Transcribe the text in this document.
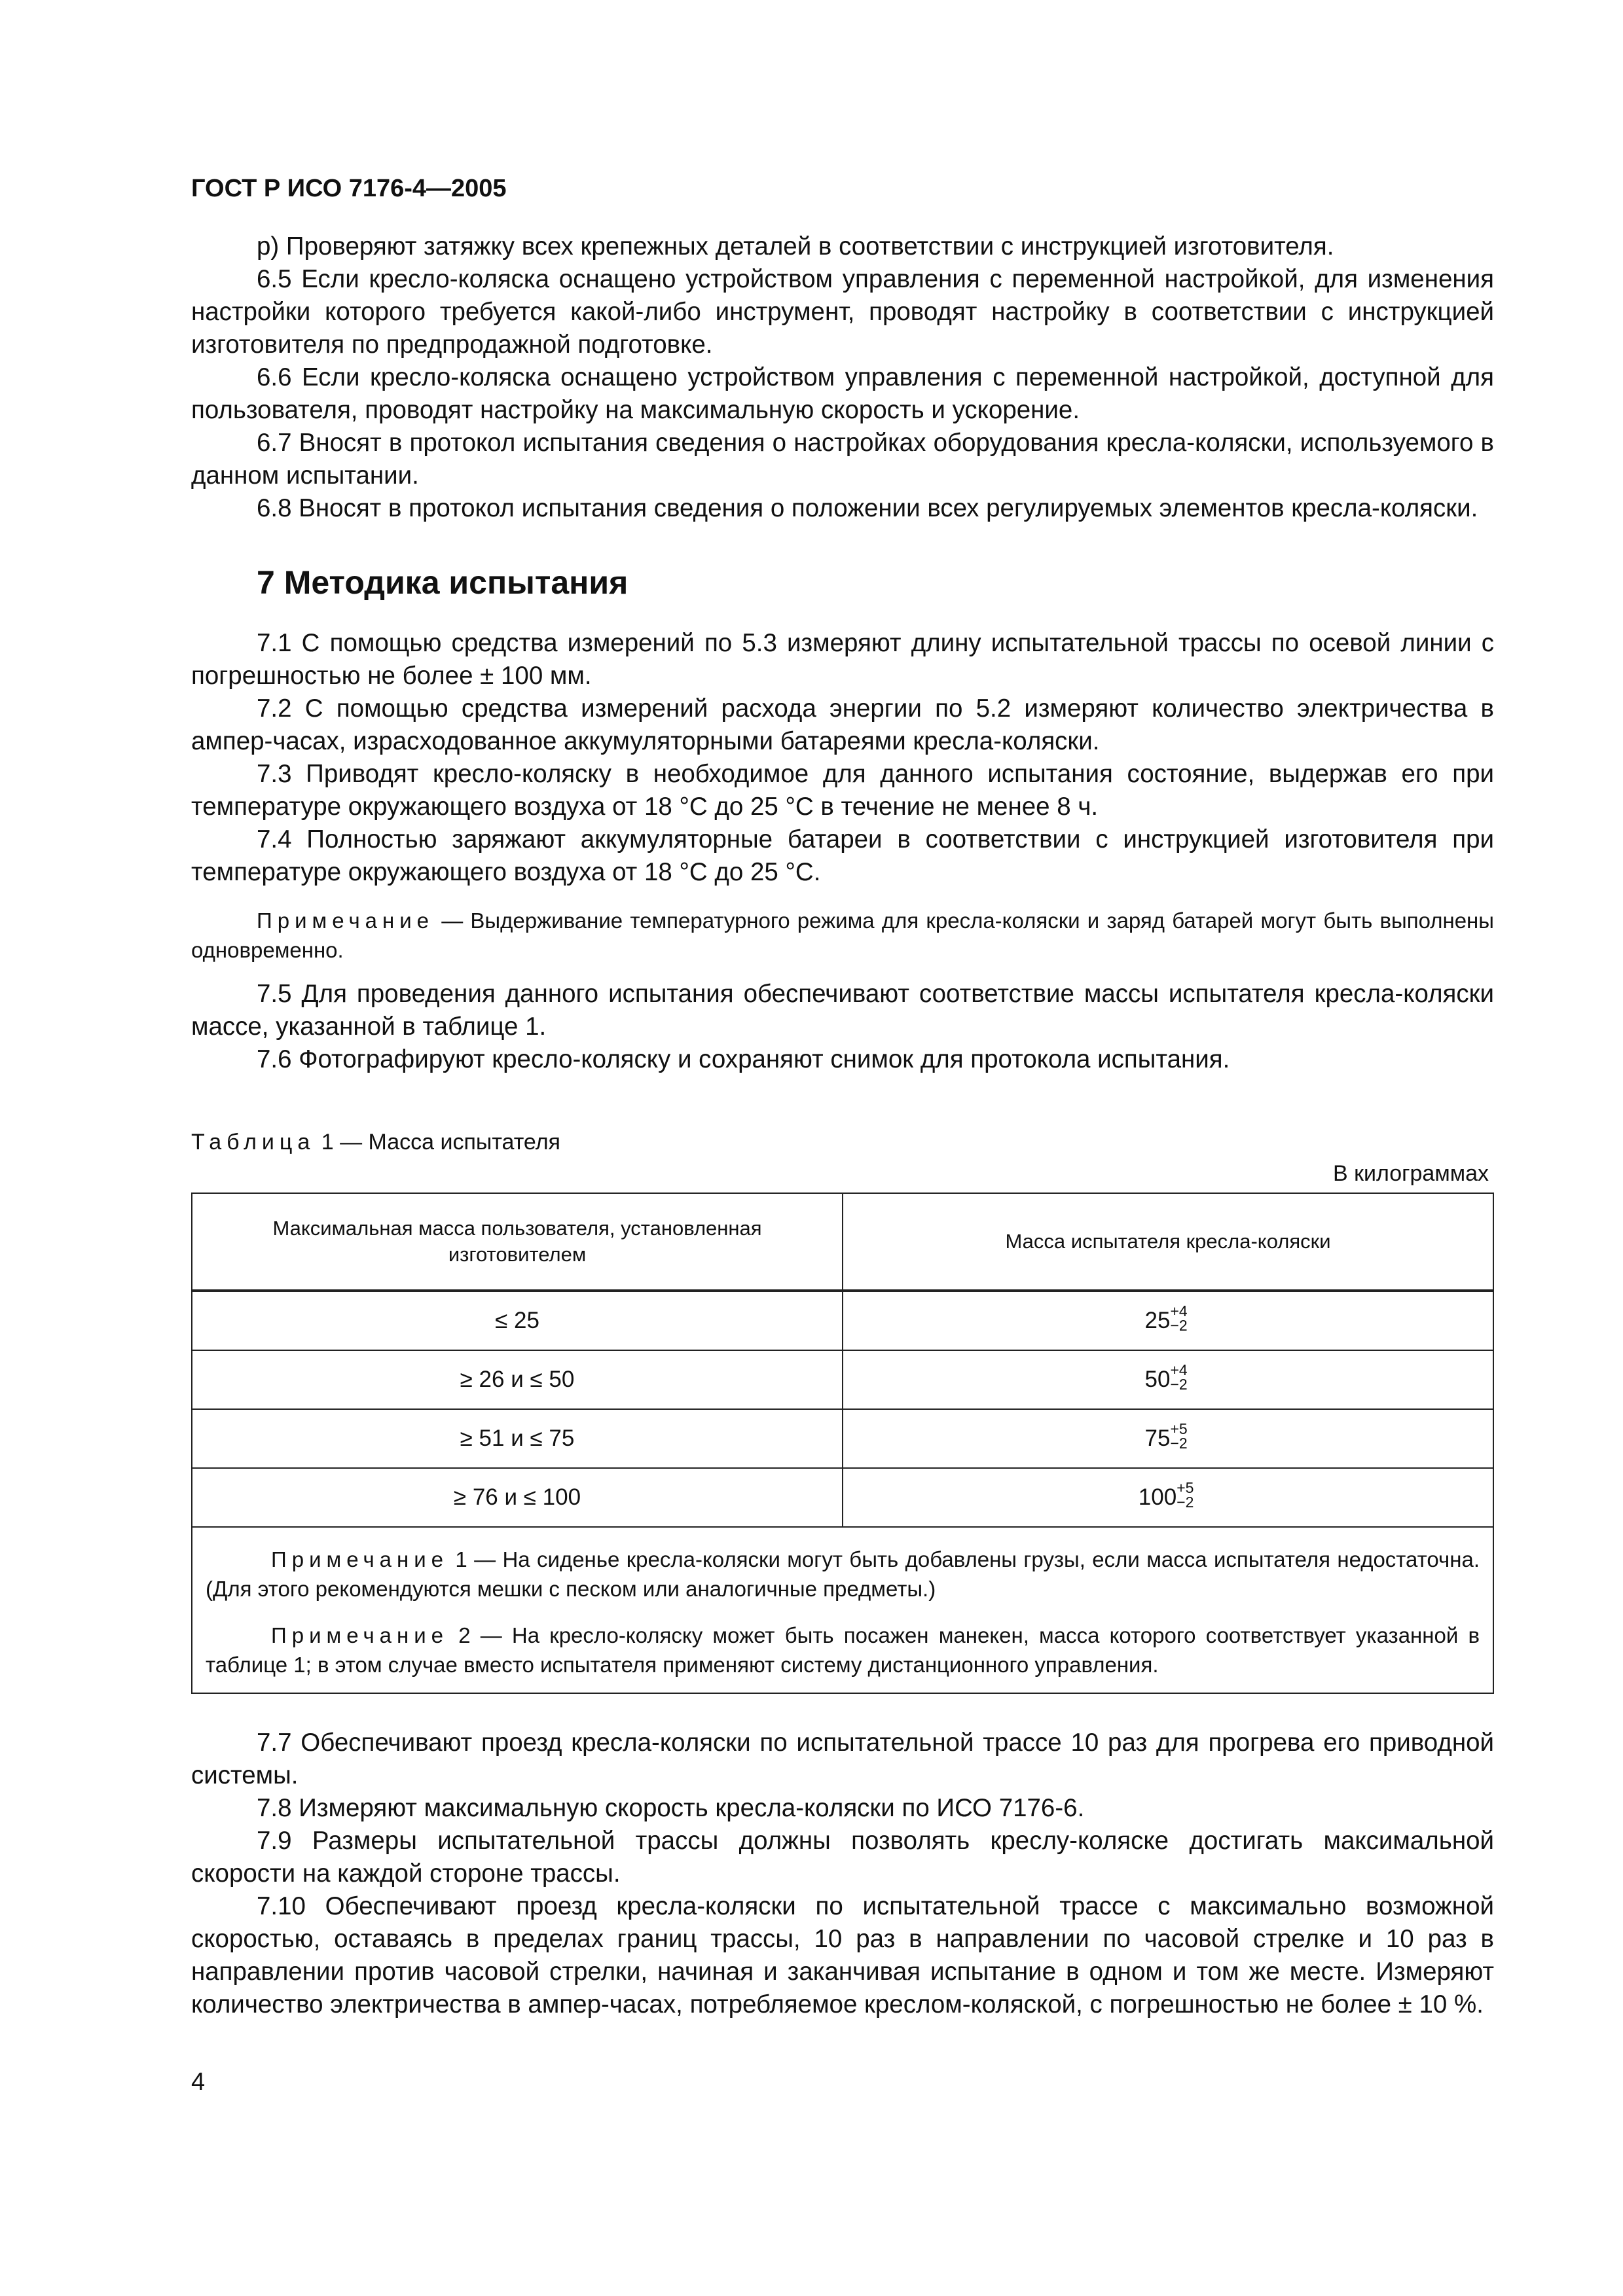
ГОСТ Р ИСО 7176-4—2005

р) Проверяют затяжку всех крепежных деталей в соответствии с инструкцией изготовителя.

6.5 Если кресло-коляска оснащено устройством управления с переменной настройкой, для изменения настройки которого требуется какой-либо инструмент, проводят настройку в соответствии с инструкцией изготовителя по предпродажной подготовке.

6.6 Если кресло-коляска оснащено устройством управления с переменной настройкой, доступной для пользователя, проводят настройку на максимальную скорость и ускорение.

6.7 Вносят в протокол испытания сведения о настройках оборудования кресла-коляски, используемого в данном испытании.

6.8 Вносят в протокол испытания сведения о положении всех регулируемых элементов кресла-коляски.

7 Методика испытания

7.1 С помощью средства измерений по 5.3 измеряют длину испытательной трассы по осевой линии с погрешностью не более ± 100 мм.

7.2 С помощью средства измерений расхода энергии по 5.2 измеряют количество электричества в ампер-часах, израсходованное аккумуляторными батареями кресла-коляски.

7.3 Приводят кресло-коляску в необходимое для данного испытания состояние, выдержав его при температуре окружающего воздуха от 18 °С до 25 °С в течение не менее 8 ч.

7.4 Полностью заряжают аккумуляторные батареи в соответствии с инструкцией изготовителя при температуре окружающего воздуха от 18 °С до 25 °С.

Примечание — Выдерживание температурного режима для кресла-коляски и заряд батарей могут быть выполнены одновременно.

7.5 Для проведения данного испытания обеспечивают соответствие массы испытателя кресла-коляски массе, указанной в таблице 1.

7.6 Фотографируют кресло-коляску и сохраняют снимок для протокола испытания.

Таблица 1 — Масса испытателя
В килограммах
Максимальная масса пользователя, установленная изготовителем	Масса испытателя кресла-коляски
≤ 25	25 +4
−2

≥ 26 и ≤ 50	50 +4
−2

≥ 51 и ≤ 75	75 +5
−2

≥ 76 и ≤ 100	100 +5
−2

Примечание 1 — На сиденье кресла-коляски могут быть добавлены грузы, если масса испытателя недостаточна. (Для этого рекомендуются мешки с песком или аналогичные предметы.)

Примечание 2 — На кресло-коляску может быть посажен манекен, масса которого соответствует указанной в таблице 1; в этом случае вместо испытателя применяют систему дистанционного управления.	

7.7 Обеспечивают проезд кресла-коляски по испытательной трассе 10 раз для прогрева его приводной системы.

7.8 Измеряют максимальную скорость кресла-коляски по ИСО 7176-6.

7.9 Размеры испытательной трассы должны позволять креслу-коляске достигать максимальной скорости на каждой стороне трассы.

7.10 Обеспечивают проезд кресла-коляски по испытательной трассе с максимально возможной скоростью, оставаясь в пределах границ трассы, 10 раз в направлении по часовой стрелке и 10 раз в направлении против часовой стрелки, начиная и заканчивая испытание в одном и том же месте. Измеряют количество электричества в ампер-часах, потребляемое креслом-коляской, с погрешностью не более ± 10 %.

4
